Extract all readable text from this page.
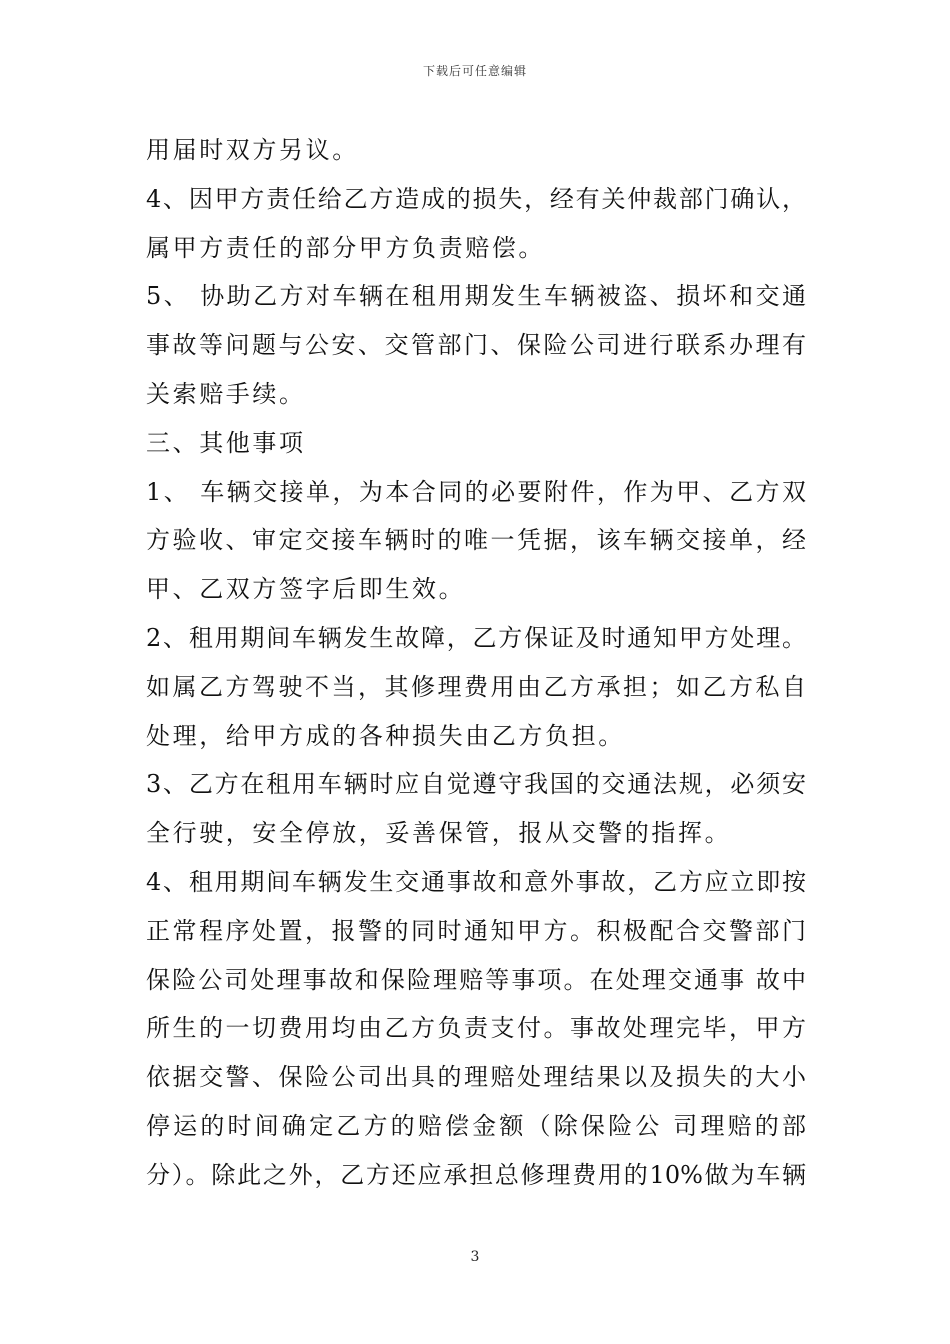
下载后可任意编辑
用届时双方另议。
4、因甲方责任给乙方造成的损失，经有关仲裁部门确认，
属甲方责任的部分甲方负责赔偿。
5、 协助乙方对车辆在租用期发生车辆被盗、损坏和交通
事故等问题与公安、交管部门、保险公司进行联系办理有
关索赔手续。
三、其他事项
1、 车辆交接单，为本合同的必要附件，作为甲、乙方双
方验收、审定交接车辆时的唯一凭据，该车辆交接单，经
甲、乙双方签字后即生效。
2、租用期间车辆发生故障，乙方保证及时通知甲方处理。
如属乙方驾驶不当，其修理费用由乙方承担；如乙方私自
处理，给甲方成的各种损失由乙方负担。
3、乙方在租用车辆时应自觉遵守我国的交通法规，必须安
全行驶，安全停放，妥善保管，报从交警的指挥。
4、租用期间车辆发生交通事故和意外事故，乙方应立即按
正常程序处置，报警的同时通知甲方。积极配合交警部门
保险公司处理事故和保险理赔等事项。在处理交通事 故中
所生的一切费用均由乙方负责支付。事故处理完毕，甲方
依据交警、保险公司出具的理赔处理结果以及损失的大小
停运的时间确定乙方的赔偿金额（除保险公 司理赔的部
分）。除此之外，乙方还应承担总修理费用的10%做为车辆
3
